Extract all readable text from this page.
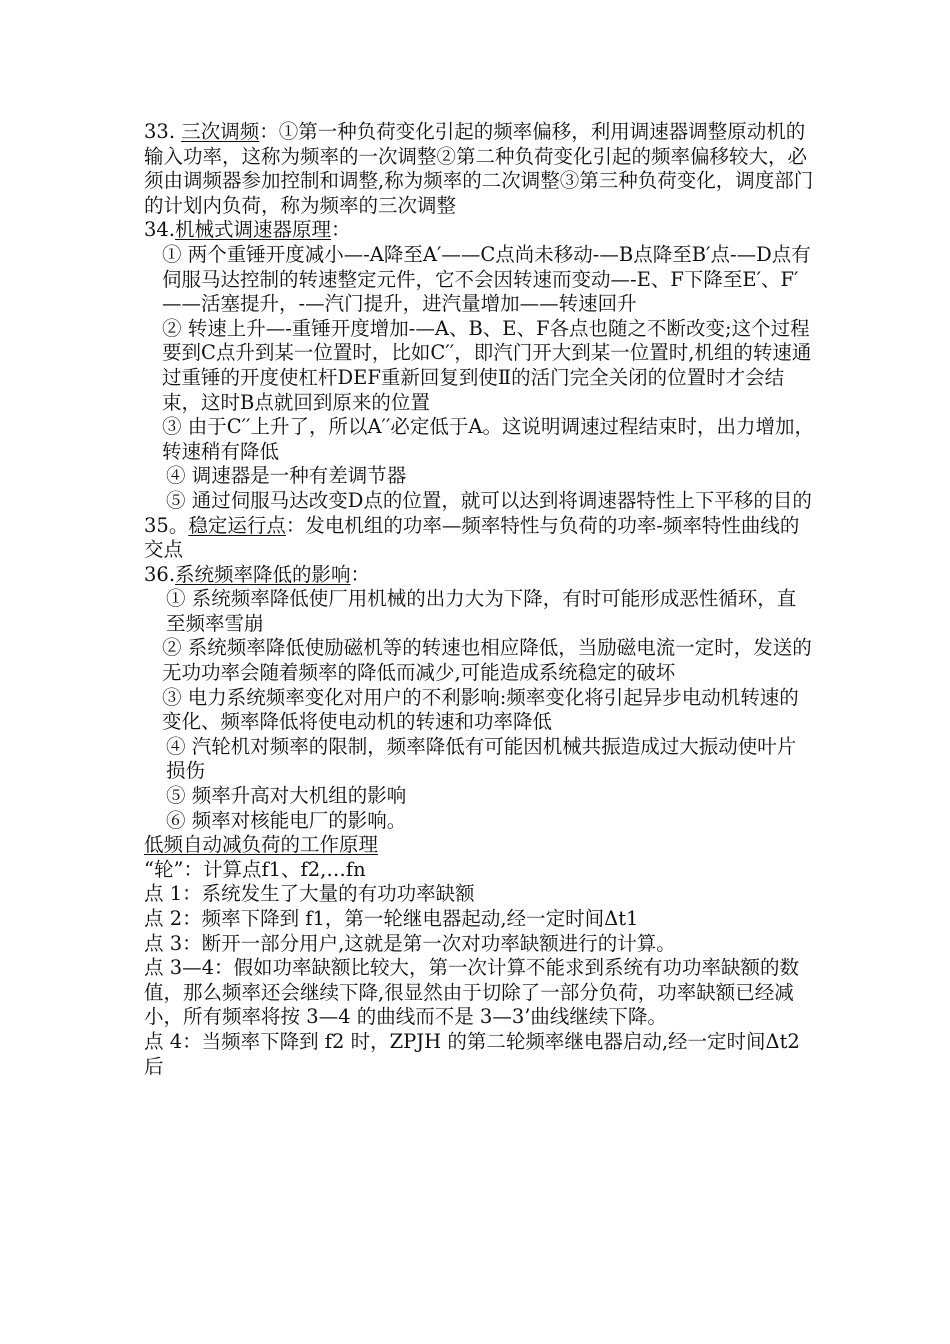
33. 三次调频：①第一种负荷变化引起的频率偏移，利用调速器调整原动机的输入功率，这称为频率的一次调整②第二种负荷变化引起的频率偏移较大，必须由调频器参加控制和调整,称为频率的二次调整③第三种负荷变化，调度部门的计划内负荷，称为频率的三次调整

34.机械式调速器原理：

① 两个重锤开度减小—-A降至A′——C点尚未移动-—B点降至B′点-—D点有伺服马达控制的转速整定元件，它不会因转速而变动—-E、F下降至E′、F′——活塞提升，-—汽门提升，进汽量增加——转速回升

② 转速上升—-重锤开度增加-—A、B、E、F各点也随之不断改变;这个过程要到C点升到某一位置时，比如C′′，即汽门开大到某一位置时,机组的转速通过重锤的开度使杠杆DEF重新回复到使Ⅱ的活门完全关闭的位置时才会结束，这时B点就回到原来的位置

③ 由于C′′上升了，所以A′′必定低于A。这说明调速过程结束时，出力增加，转速稍有降低

④ 调速器是一种有差调节器

⑤ 通过伺服马达改变D点的位置，就可以达到将调速器特性上下平移的目的

35。稳定运行点：发电机组的功率—频率特性与负荷的功率-频率特性曲线的交点

36.系统频率降低的影响：

① 系统频率降低使厂用机械的出力大为下降，有时可能形成恶性循环，直至频率雪崩

② 系统频率降低使励磁机等的转速也相应降低，当励磁电流一定时，发送的无功功率会随着频率的降低而减少,可能造成系统稳定的破坏

③ 电力系统频率变化对用户的不利影响:频率变化将引起异步电动机转速的变化、频率降低将使电动机的转速和功率降低

④ 汽轮机对频率的限制，频率降低有可能因机械共振造成过大振动使叶片损伤

⑤ 频率升高对大机组的影响

⑥ 频率对核能电厂的影响。

低频自动减负荷的工作原理

“轮”：计算点f1、f2,…fn

点 1：系统发生了大量的有功功率缺额

点 2：频率下降到 f1，第一轮继电器起动,经一定时间Δt1

点 3：断开一部分用户,这就是第一次对功率缺额进行的计算。

点 3—4：假如功率缺额比较大，第一次计算不能求到系统有功功率缺额的数值，那么频率还会继续下降,很显然由于切除了一部分负荷，功率缺额已经减小，所有频率将按 3—4 的曲线而不是 3—3’曲线继续下降。

点 4：当频率下降到 f2 时，ZPJH 的第二轮频率继电器启动,经一定时间Δt2 后
